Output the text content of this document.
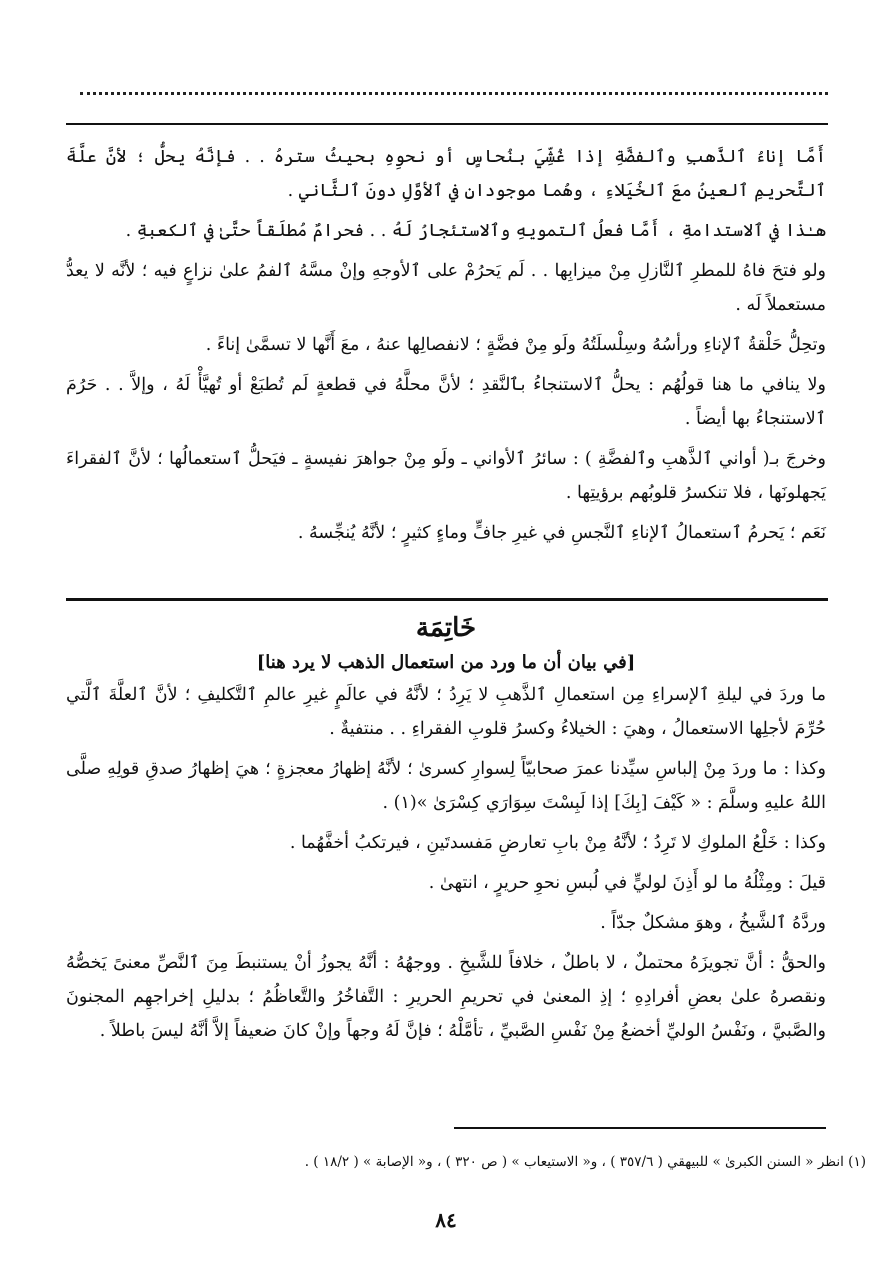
أَمَّا إناءُ ٱلذَّهبِ وٱلفضَّةِ إذا غُشِّيَ بنُحاسٍ أو نحوِهِ بحيثُ سترهُ . . فإنَّهُ يحلُّ ؛ لأنَّ علَّةَ ٱلتَّحريمِ ٱلعينُ معَ ٱلخُيَلاءِ ، وهُما موجودانِ في ٱلأوَّلِ دونَ ٱلثَّاني .

هـٰذا في ٱلاستدامةِ ، أَمَّا فعلُ ٱلتمويهِ وٱلاستئجارُ لَهُ . . فحرامٌ مُطلَقاً حتَّىٰ في ٱلكعبةِ .

ولو فتحَ فاهُ للمطرِ ٱلنَّازلِ مِنْ ميزابِها . . لَم يَحرُمْ على ٱلأوجهِ وإنْ مسَّهُ ٱلفمُ علىٰ نزاعٍ فيه ؛ لأنَّه لا يعدُّ مستعملاً لَه .

وتحِلُّ حَلْقةُ ٱلإناءِ ورأسُهُ وسِلْسلَتُهُ ولَو مِنْ فضَّةٍ ؛ لانفصالِها عنهُ ، معَ أَنَّها لا تسمَّىٰ إناءً .

ولا ينافي ما هنا قولُهُم : يحلُّ ٱلاستنجاءُ بٱلنَّقدِ ؛ لأنَّ محلَّهُ في قطعةٍ لَم تُطبَعْ أو تُهيَّأْ لَهُ ، وإلاَّ . . حَرُمَ ٱلاستنجاءُ بها أيضاً .

وخرجَ بـ( أواني ٱلذَّهبِ وٱلفضَّةِ ) : سائرُ ٱلأواني ـ ولَو مِنْ جواهرَ نفيسةٍ ـ فيَحلُّ ٱستعمالُها ؛ لأنَّ ٱلفقراءَ يَجهلونَها ، فلا تنكسرُ قلوبُهم برؤيتِها .

نَعَم ؛ يَحرمُ ٱستعمالُ ٱلإناءِ ٱلنَّجسِ في غيرِ جافٍّ وماءٍ كثيرٍ ؛ لأنَّهُ يُنجِّسهُ .

خَاتِمَة
[في بيان أن ما ورد من استعمال الذهب لا يرد هنا]

ما وردَ في ليلةِ ٱلإسراءِ مِن استعمالِ ٱلذَّهبِ لا يَرِدُ ؛ لأنَّهُ في عالَمٍ غيرِ عالمِ ٱلتَّكليفِ ؛ لأنَّ ٱلعلَّةَ ٱلَّتي حُرِّمَ لأجلِها الاستعمالُ ، وهيَ : الخيلاءُ وكسرُ قلوبِ الفقراءِ . . منتفيةٌ .

وكذا : ما وردَ مِنْ إلباسِ سيِّدنا عمرَ صحابيّاً لِسوارِ كسرىٰ ؛ لأنَّهُ إظهارُ معجزةٍ ؛ هيَ إظهارُ صدقِ قولِهِ صلَّى اللهُ عليهِ وسلَّمَ : « كَيْفَ [بِكَ] إذا لَبِسْتَ سِوَارَي كِسْرَىٰ »(١) .

وكذا : خَلْعُ الملوكِ لا تَرِدُ ؛ لأنَّهُ مِنْ بابِ تعارضِ مَفسدتَينِ ، فيرتكبُ أخفَّهُما .

قيلَ : ومِثْلُهُ ما لو أَذِنَ لوليٍّ في لُبسِ نحوِ حريرٍ ، انتهىٰ .

وردَّهُ ٱلشَّيخُ ، وهوَ مشكلٌ جدّاً .

والحقُّ : أنَّ تجويزَهُ محتملٌ ، لا باطلٌ ، خلافاً للشَّيخِ . ووجهُهُ : أنَّهُ يجوزُ أنْ يستنبطَ مِنَ ٱلنَّصِّ معنىً يَخصُّهُ ونقصرهُ علىٰ بعضِ أفرادِهِ ؛ إذِ المعنىٰ في تحريمِ الحريرِ : التَّفاخُرُ والتَّعاظُمُ ؛ بدليلِ إخراجهِم المجنونَ والصَّبيَّ ، ونَفْسُ الوليِّ أخضعُ مِنْ نَفْسِ الصَّبيِّ ، تأمَّلْهُ ؛ فإنَّ لَهُ وجهاً وإنْ كانَ ضعيفاً إلاَّ أنَّهُ ليسَ باطلاً .

(١) انظر « السنن الكبرىٰ » للبيهقي ( ٣٥٧/٦ ) ، و« الاستيعاب » ( ص ٣٢٠ ) ، و« الإصابة » ( ١٨/٢ ) .
٨٤
